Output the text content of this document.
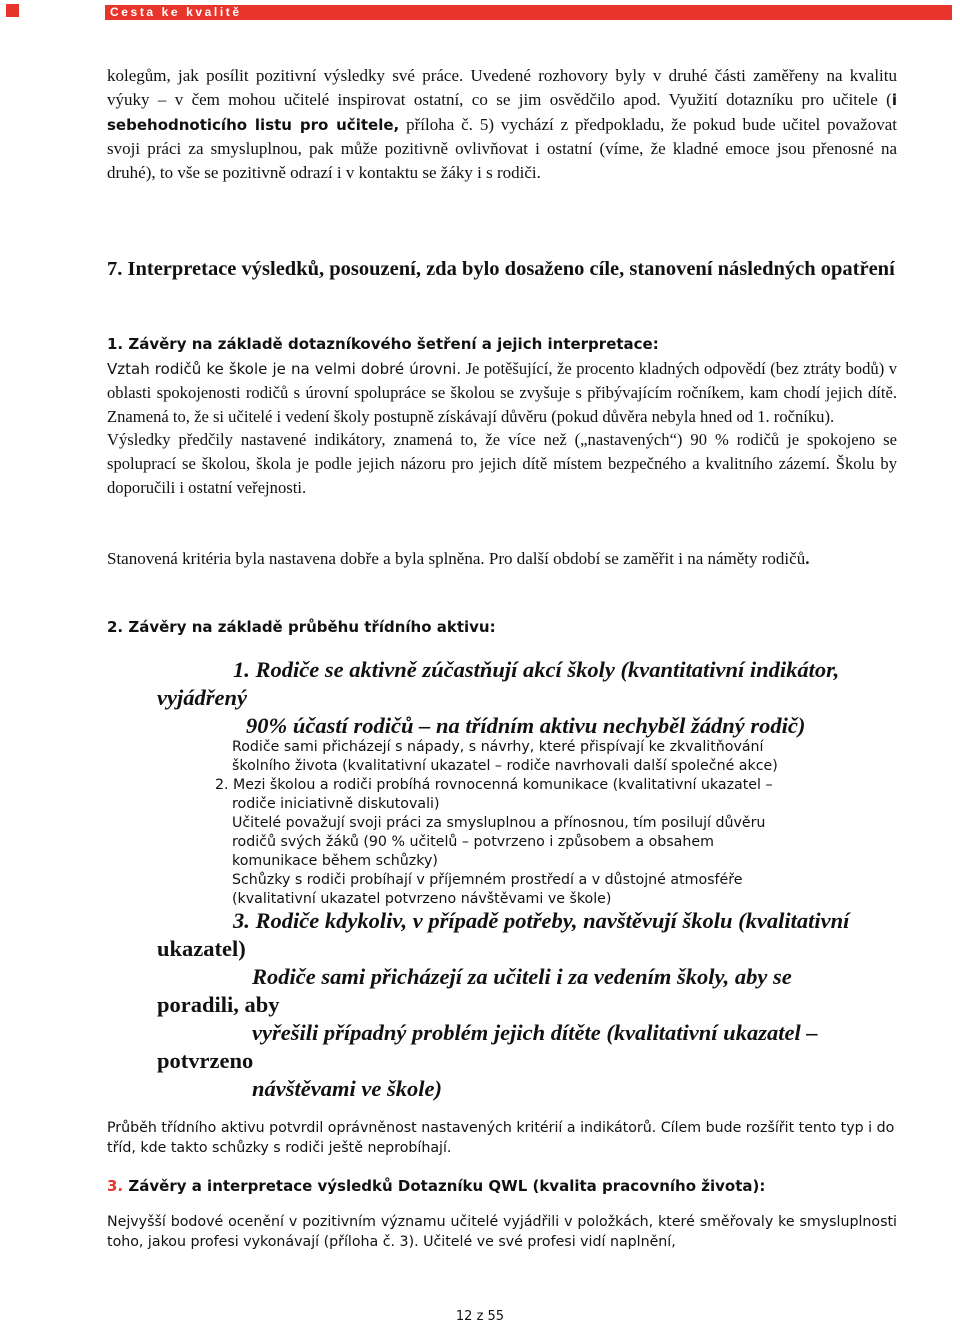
Cesta ke kvalitě

kolegům, jak posílit pozitivní výsledky své práce. Uvedené rozhovory byly v druhé části zaměřeny na kvalitu výuky – v čem mohou učitelé inspirovat ostatní, co se jim osvědčilo apod. Využití dotazníku pro učitele (i sebehodnoticího listu pro učitele, příloha č. 5) vychází z předpokladu, že pokud bude učitel považovat svoji práci za smysluplnou, pak může pozitivně ovlivňovat i ostatní (víme, že kladné emoce jsou přenosné na druhé), to vše se pozitivně odrazí i v kontaktu se žáky i s rodiči.

7. Interpretace výsledků, posouzení, zda bylo dosaženo cíle, stanovení následných opatření

1. Závěry na základě dotazníkového šetření a jejich interpretace:
Vztah rodičů ke škole je na velmi dobré úrovni. Je potěšující, že procento kladných odpovědí (bez ztráty bodů) v oblasti spokojenosti rodičů s úrovní spolupráce se školou se zvyšuje s přibývajícím ročníkem, kam chodí jejich dítě. Znamená to, že si učitelé i vedení školy postupně získávají důvěru (pokud důvěra nebyla hned od 1. ročníku).

Výsledky předčily nastavené indikátory, znamená to, že více než („nastavených“) 90 % rodičů je spokojeno se spoluprací se školou, škola je podle jejich názoru pro jejich dítě místem bezpečného a kvalitního zázemí. Školu by doporučili i ostatní veřejnosti.

Stanovená kritéria byla nastavena dobře a byla splněna. Pro další období se zaměřit i na náměty rodičů.

2. Závěry na základě průběhu třídního aktivu:

1. Rodiče se aktivně zúčastňují akcí školy (kvantitativní indikátor,
vyjádřený
90% účastí rodičů – na třídním aktivu nechyběl žádný rodič)
Rodiče sami přicházejí s nápady, s návrhy, které přispívají ke zkvalitňování
školního života (kvalitativní ukazatel – rodiče navrhovali další společné akce)
2. Mezi školou a rodiči probíhá rovnocenná komunikace (kvalitativní ukazatel –
rodiče iniciativně diskutovali)
Učitelé považují svoji práci za smysluplnou a přínosnou, tím posilují důvěru
rodičů svých žáků (90 % učitelů – potvrzeno i způsobem a obsahem
komunikace během schůzky)
Schůzky s rodiči probíhají v příjemném prostředí a v důstojné atmosféře
(kvalitativní ukazatel potvrzeno návštěvami ve škole)
3. Rodiče kdykoliv, v případě potřeby, navštěvují školu (kvalitativní
ukazatel)
Rodiče sami přicházejí za učiteli i za vedením školy, aby se
poradili, aby
vyřešili případný problém jejich dítěte (kvalitativní ukazatel –
potvrzeno
návštěvami ve škole)

Průběh třídního aktivu potvrdil oprávněnost nastavených kritérií a indikátorů. Cílem bude rozšířit tento typ i do tříd, kde takto schůzky s rodiči ještě neprobíhají.

3. Závěry a interpretace výsledků Dotazníku QWL (kvalita pracovního života):

Nejvyšší bodové ocenění v pozitivním významu učitelé vyjádřili v položkách, které směřovaly ke smysluplnosti toho, jakou profesi vykonávají (příloha č. 3). Učitelé ve své profesi vidí naplnění,

12 z 55
